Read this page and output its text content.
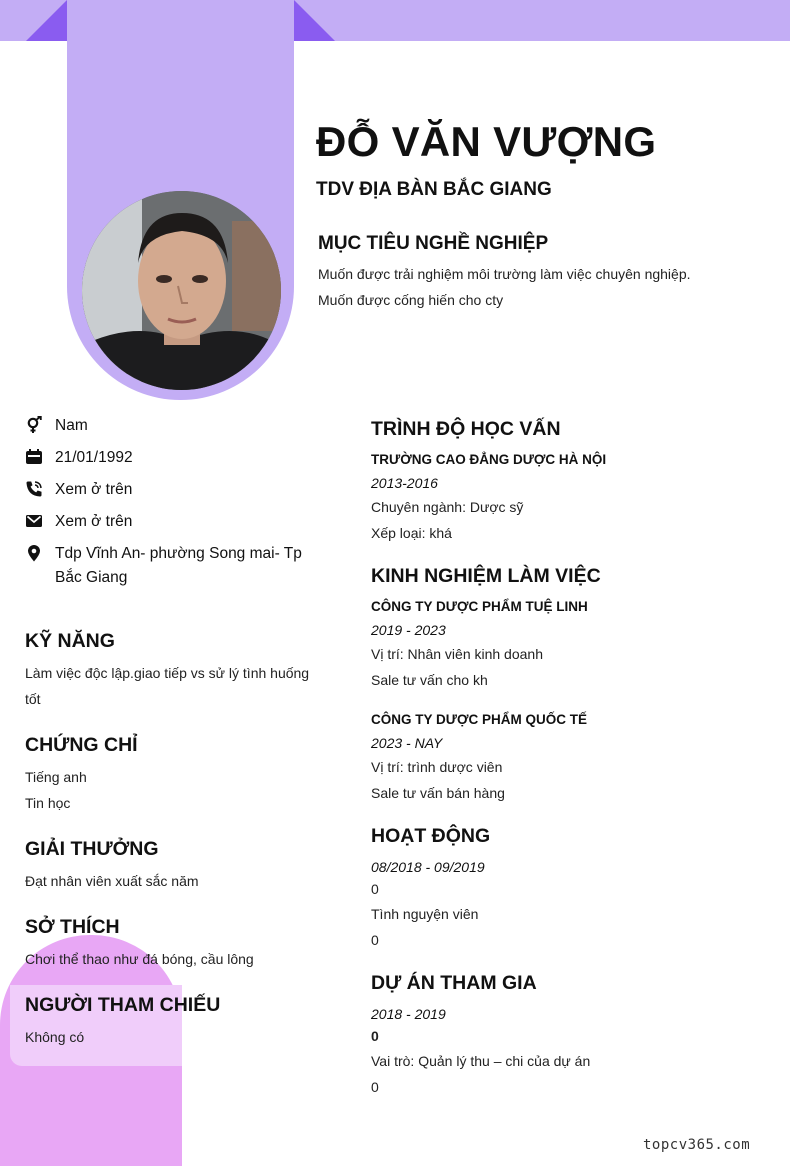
ĐỖ VĂN VƯỢNG
TDV ĐỊA BÀN BẮC GIANG
MỤC TIÊU NGHỀ NGHIỆP
Muốn được trải nghiệm môi trường làm việc chuyên nghiệp.
Muốn được cống hiến cho cty
Nam
21/01/1992
Xem ở trên
Xem ở trên
Tdp Vĩnh An- phường Song mai- Tp
Bắc Giang
KỸ NĂNG
Làm việc độc lập.giao tiếp vs sử lý tình huống
tốt
CHỨNG CHỈ
Tiếng anh
Tin học
GIẢI THƯỞNG
Đạt nhân viên xuất sắc năm
SỞ THÍCH
Chơi thể thao như đá bóng, cầu lông
NGƯỜI THAM CHIẾU
Không có
TRÌNH ĐỘ HỌC VẤN
TRƯỜNG CAO ĐẲNG DƯỢC HÀ NỘI
2013-2016
Chuyên ngành: Dược sỹ
Xếp loại: khá
KINH NGHIỆM LÀM VIỆC
CÔNG TY DƯỢC PHẨM TUỆ LINH
2019 - 2023
Vị trí: Nhân viên kinh doanh
Sale tư vấn cho kh
CÔNG TY DƯỢC PHẨM QUỐC TẾ
2023 - NAY
Vị trí: trình dược viên
Sale tư vấn bán hàng
HOẠT ĐỘNG
08/2018 - 09/2019
0
Tình nguyện viên
0
DỰ ÁN THAM GIA
2018 - 2019
0
Vai trò: Quản lý thu – chi của dự án
0
topcv365.com
